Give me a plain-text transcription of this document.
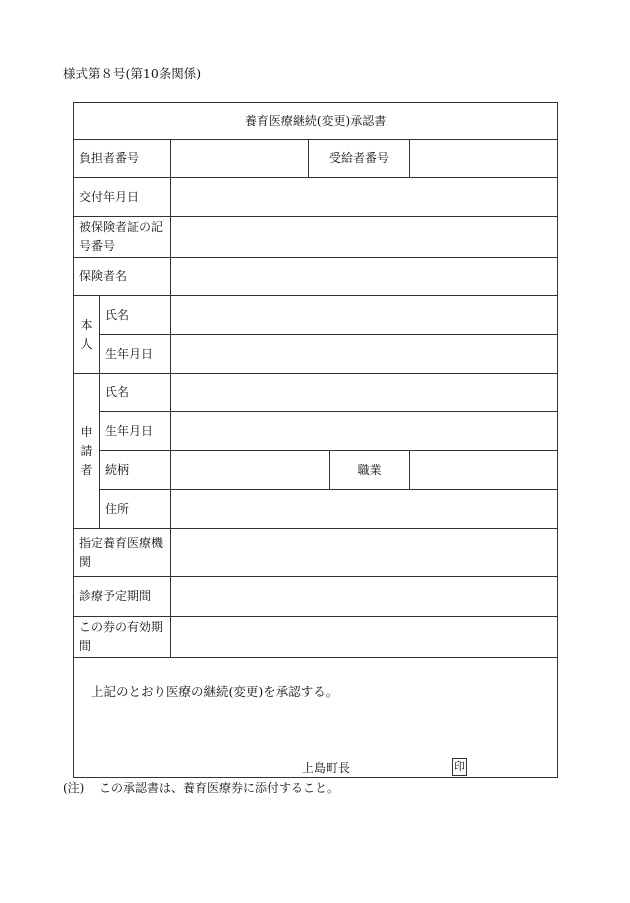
様式第８号(第10条関係)
養育医療継続(変更)承認書					
負担者番号			受給者番号		
交付年月日					
被保険者証の記号番号					
保険者名					

本
人	氏名				
	生年月日				

申
請
者	氏名				
	生年月日				
	続柄			職業	
	住所				
指定養育医療機関					
診療予定期間					
この券の有効期間					

上記のとおり医療の継続(変更)を承認する。
上島町長 印					
(注) この承認書は、養育医療券に添付すること。
